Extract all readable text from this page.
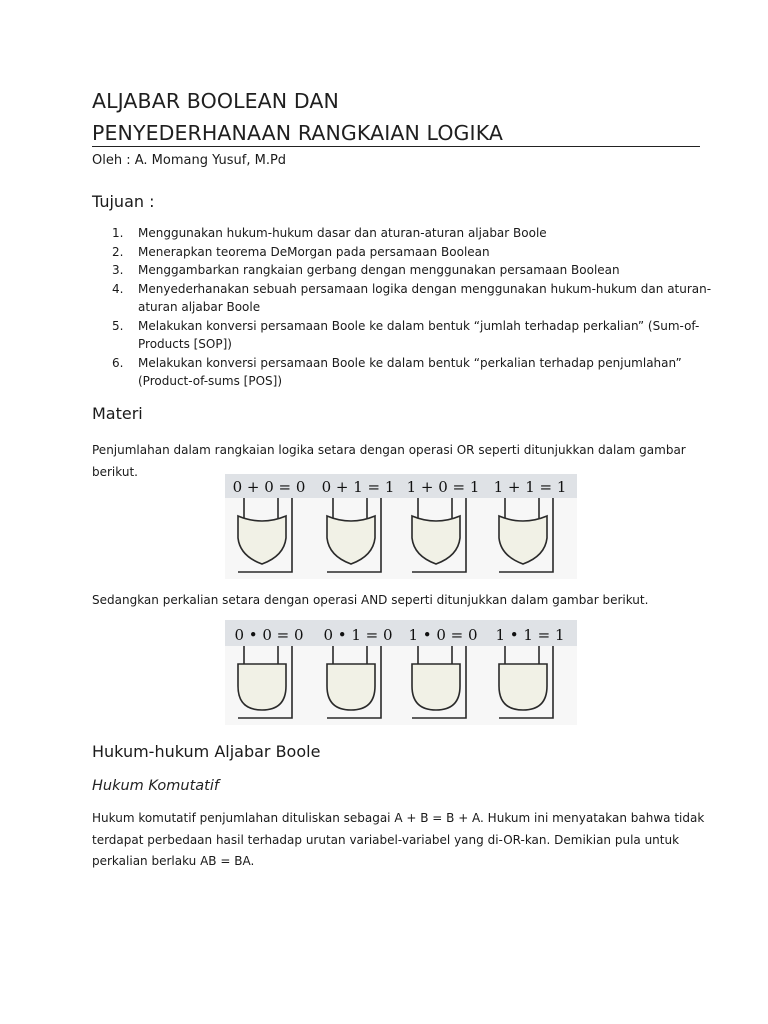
ALJABAR BOOLEAN DAN
PENYEDERHANAAN RANGKAIAN LOGIKA
Oleh : A. Momang Yusuf, M.Pd
Tujuan :
1. Menggunakan hukum-hukum dasar dan aturan-aturan aljabar Boole
2. Menerapkan teorema DeMorgan pada persamaan Boolean
3. Menggambarkan rangkaian gerbang dengan menggunakan persamaan Boolean
4. Menyederhanakan sebuah persamaan logika dengan menggunakan hukum-hukum dan aturan-aturan aljabar Boole
5. Melakukan konversi persamaan Boole ke dalam bentuk “jumlah terhadap perkalian” (Sum-of-Products [SOP])
6. Melakukan konversi persamaan Boole ke dalam bentuk “perkalian terhadap penjumlahan” (Product-of-sums [POS])
Materi

Penjumlahan dalam rangkaian logika setara dengan operasi OR seperti ditunjukkan dalam gambar berikut.

0 + 0 = 0 0 + 1 = 1 1 + 0 = 1 1 + 1 = 1

Sedangkan perkalian setara dengan operasi AND seperti ditunjukkan dalam gambar berikut.

0 • 0 = 0 0 • 1 = 0 1 • 0 = 0 1 • 1 = 1
Hukum-hukum Aljabar Boole
Hukum Komutatif

Hukum komutatif penjumlahan dituliskan sebagai A + B = B + A. Hukum ini menyatakan bahwa tidak terdapat perbedaan hasil terhadap urutan variabel-variabel yang di-OR-kan. Demikian pula untuk perkalian berlaku AB = BA.
